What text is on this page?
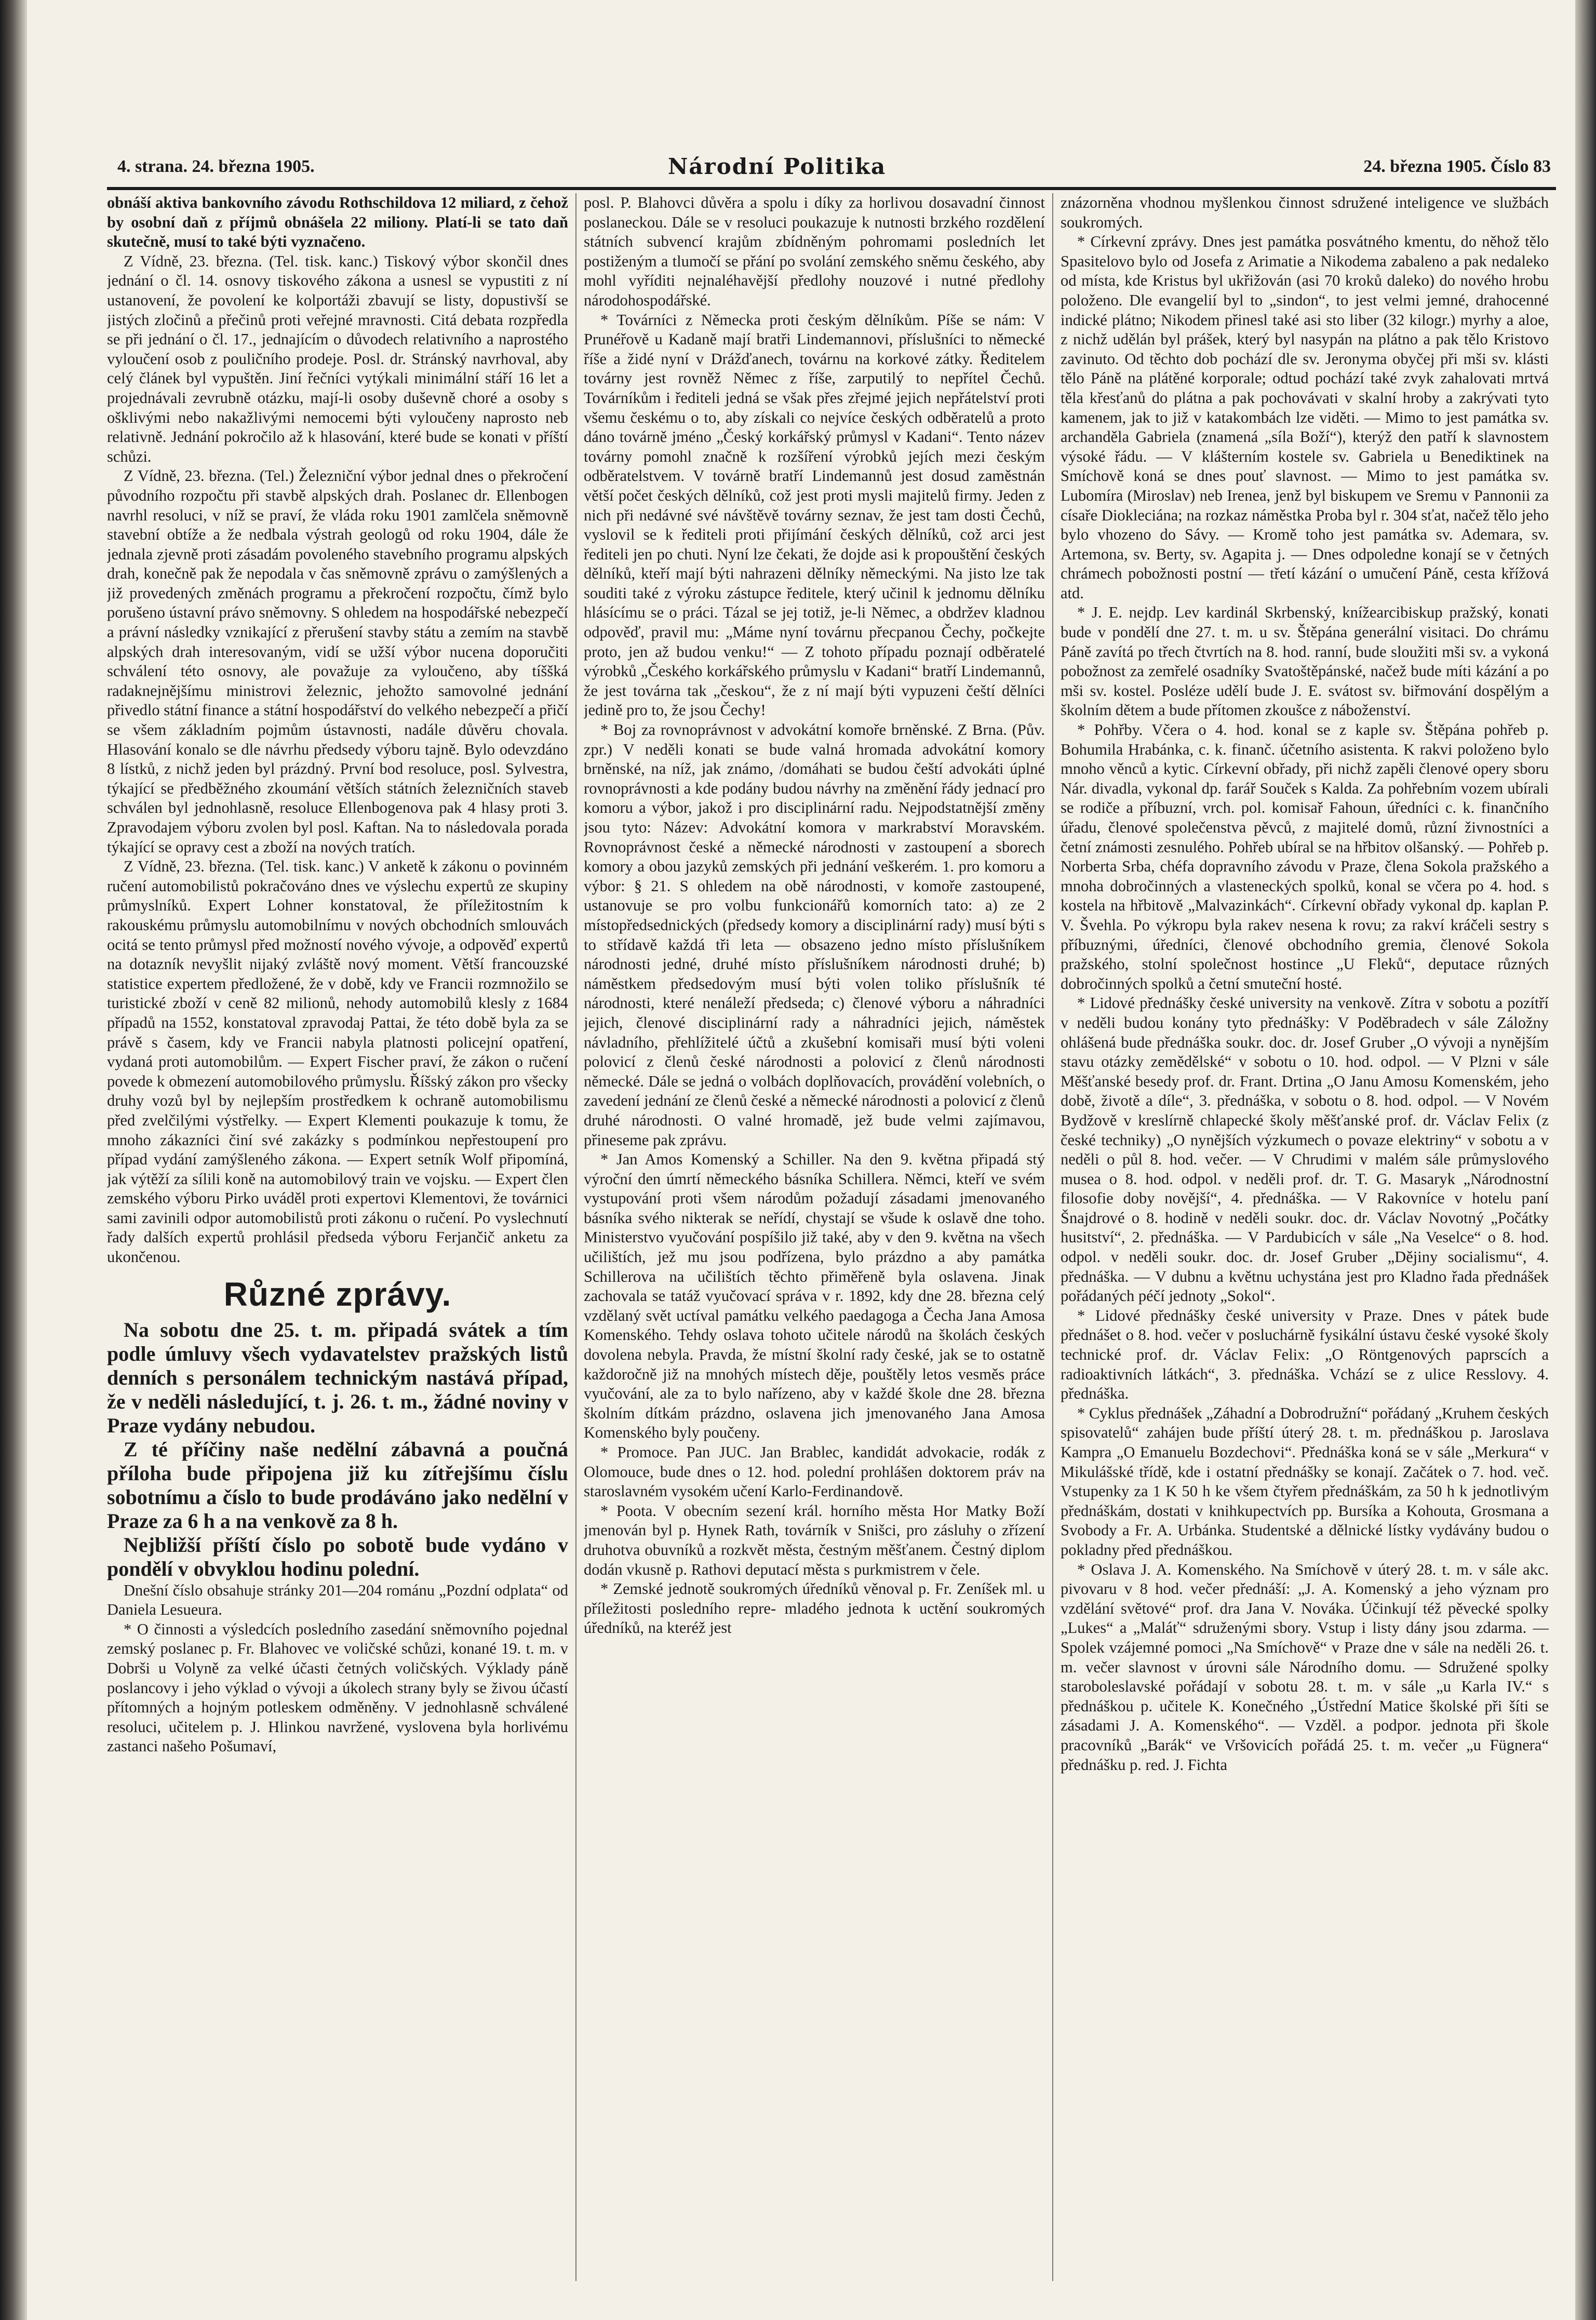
4. strana. 24. března 1905.	Národní Politika	24. března 1905. Číslo 83

obnáší aktiva bankovního závodu Rothschildova 12 miliard, z čehož by osobní daň z příjmů obnášela 22 miliony. Platí-li se tato daň skutečně, musí to také býti vyznačeno.

Z Vídně, 23. března. (Tel. tisk. kanc.) Tiskový výbor skončil dnes jednání o čl. 14. osnovy tiskového zákona a usnesl se vypustiti z ní ustanovení, že povolení ke kolportáži zbavují se listy, dopustivší se jistých zločinů a přečinů proti veřejné mravnosti. Citá debata rozpředla se při jednání o čl. 17., jednajícím o důvodech relativního a naprostého vyloučení osob z pouličního prodeje. Posl. dr. Stránský navrhoval, aby celý článek byl vypuštěn. Jiní řečníci vytýkali minimální stáří 16 let a projednávali zevrubně otázku, mají-li osoby duševně choré a osoby s ošklivými nebo nakažlivými nemocemi býti vyloučeny naprosto neb relativně. Jednání pokročilo až k hlasování, které bude se konati v příští schůzi.

Z Vídně, 23. března. (Tel.) Železniční výbor jednal dnes o překročení původního rozpočtu při stavbě alpských drah. Poslanec dr. Ellenbogen navrhl resoluci, v níž se praví, že vláda roku 1901 zamlčela sněmovně stavební obtíže a že nedbala výstrah geologů od roku 1904, dále že jednala zjevně proti zásadám povoleného stavebního programu alpských drah, konečně pak že nepodala v čas sněmovně zprávu o zamýšlených a již provedených změnách programu a překročení rozpočtu, čímž bylo porušeno ústavní právo sněmovny. S ohledem na hospodářské nebezpečí a právní následky vznikající z přerušení stavby státu a zemím na stavbě alpských drah interesovaným, vidí se užší výbor nucena doporučiti schválení této osnovy, ale považuje za vyloučeno, aby tíššká radaknejnějšímu ministrovi železnic, jehožto samovolné jednání přivedlo státní finance a státní hospodářství do velkého nebezpečí a přičí se všem základním pojmům ústavnosti, nadále důvěru chovala. Hlasování konalo se dle návrhu předsedy výboru tajně. Bylo odevzdáno 8 lístků, z nichž jeden byl prázdný. První bod resoluce, posl. Sylvestra, týkající se předběžného zkoumání větších státních železničních staveb schválen byl jednohlasně, resoluce Ellenbogenova pak 4 hlasy proti 3. Zpravodajem výboru zvolen byl posl. Kaftan. Na to následovala porada týkající se opravy cest a zboží na nových tratích.

Z Vídně, 23. března. (Tel. tisk. kanc.) V anketě k zákonu o povinném ručení automobilistů pokračováno dnes ve výslechu expertů ze skupiny průmyslníků. Expert Lohner konstatoval, že příležitostním k rakouskému průmyslu automobilnímu v nových obchodních smlouvách ocitá se tento průmysl před možností nového vývoje, a odpověď expertů na dotazník nevyšlit nijaký zvláště nový moment. Větší francouzské statistice expertem předložené, že v době, kdy ve Francii rozmnožilo se turistické zboží v ceně 82 milionů, nehody automobilů klesly z 1684 případů na 1552, konstatoval zpravodaj Pattai, že této době byla za se právě s časem, kdy ve Francii nabyla platnosti policejní opatření, vydaná proti automobilům. — Expert Fischer praví, že zákon o ručení povede k obmezení automobilového průmyslu. Říšský zákon pro všecky druhy vozů byl by nejlepším prostředkem k ochraně automobilismu před zvelčilými výstřelky. — Expert Klementi poukazuje k tomu, že mnoho zákazníci činí své zakázky s podmínkou nepřestoupení pro případ vydání zamýšleného zákona. — Expert setník Wolf připomíná, jak výtěží za sílili koně na automobilový train ve vojsku. — Expert člen zemského výboru Pirko uváděl proti expertovi Klementovi, že továrnici sami zavinili odpor automobilistů proti zákonu o ručení. Po vyslechnutí řady dalších expertů prohlásil předseda výboru Ferjančič anketu za ukončenou.

Různé zprávy.

Na sobotu dne 25. t. m. připadá svátek a tím podle úmluvy všech vydavatelstev pražských listů denních s personálem technickým nastává případ, že v neděli následující, t. j. 26. t. m., žádné noviny v Praze vydány nebudou.

Z té příčiny naše nedělní zábavná a poučná příloha bude připojena již ku zítřejšímu číslu sobotnímu a číslo to bude prodáváno jako nedělní v Praze za 6 h a na venkově za 8 h.

Nejbližší příští číslo po sobotě bude vydáno v pondělí v obvyklou hodinu polední.

Dnešní číslo obsahuje stránky 201—204 románu „Pozdní odplata“ od Daniela Lesueura.

* O činnosti a výsledcích posledního zasedání sněmovního pojednal zemský poslanec p. Fr. Blahovec ve voličské schůzi, konané 19. t. m. v Dobrši u Volyně za velké účasti četných voličských. Výklady páně poslancovy i jeho výklad o vývoji a úkolech strany byly se živou účastí přítomných a hojným potleskem odměněny. V jednohlasně schválené resoluci, učitelem p. J. Hlinkou navržené, vyslovena byla horlivému zastanci našeho Pošumaví,

posl. P. Blahovci důvěra a spolu i díky za horlivou dosavadní činnost poslaneckou. Dále se v resoluci poukazuje k nutnosti brzkého rozdělení státních subvencí krajům zbídněným pohromami posledních let postiženým a tlumočí se přání po svolání zemského sněmu českého, aby mohl vyříditi nejnaléhavější předlohy nouzové i nutné předlohy národohospodářské.

* Továrníci z Německa proti českým dělníkům. Píše se nám: V Prunéřově u Kadaně mají bratři Lindemannovi, příslušníci to německé říše a židé nyní v Drážďanech, továrnu na korkové zátky. Ředitelem továrny jest rovněž Němec z říše, zarputilý to nepřítel Čechů. Továrníkům i řediteli jedná se však přes zřejmé jejich nepřátelství proti všemu českému o to, aby získali co nejvíce českých odběratelů a proto dáno továrně jméno „Český korkářský průmysl v Kadani“. Tento název továrny pomohl značně k rozšíření výrobků jejích mezi českým odběratelstvem. V továrně bratří Lindemannů jest dosud zaměstnán větší počet českých dělníků, což jest proti mysli majitelů firmy. Jeden z nich při nedávné své návštěvě továrny seznav, že jest tam dosti Čechů, vyslovil se k řediteli proti přijímání českých dělníků, což arci jest řediteli jen po chuti. Nyní lze čekati, že dojde asi k propouštění českých dělníků, kteří mají býti nahrazeni dělníky německými. Na jisto lze tak souditi také z výroku zástupce ředitele, který učinil k jednomu dělníku hlásícímu se o práci. Tázal se jej totiž, je-li Němec, a obdržev kladnou odpověď, pravil mu: „Máme nyní továrnu přecpanou Čechy, počkejte proto, jen až budou venku!“ — Z tohoto případu poznají odběratelé výrobků „Českého korkářského průmyslu v Kadani“ bratří Lindemannů, že jest továrna tak „českou“, že z ní mají býti vypuzeni čeští dělníci jedině pro to, že jsou Čechy!

* Boj za rovnoprávnost v advokátní komoře brněnské. Z Brna. (Pův. zpr.) V neděli konati se bude valná hromada advokátní komory brněnské, na níž, jak známo, /domáhati se budou čeští advokáti úplné rovnoprávnosti a kde podány budou návrhy na změnění řády jednací pro komoru a výbor, jakož i pro disciplinární radu. Nejpodstatnější změny jsou tyto: Název: Advokátní komora v markrabství Moravském. Rovnoprávnost české a německé národnosti v zastoupení a sborech komory a obou jazyků zemských při jednání veškerém. 1. pro komoru a výbor: § 21. S ohledem na obě národnosti, v komoře zastoupené, ustanovuje se pro volbu funkcionářů komorních tato: a) ze 2 místopředsednických (předsedy komory a disciplinární rady) musí býti s to střídavě každá tři leta — obsazeno jedno místo příslušníkem národnosti jedné, druhé místo příslušníkem národnosti druhé; b) náměstkem předsedovým musí býti volen toliko příslušník té národnosti, které nenáleží předseda; c) členové výboru a náhradníci jejich, členové disciplinární rady a náhradníci jejich, náměstek návladního, přehlížitelé účtů a zkušební komisaři musí býti voleni polovicí z členů české národnosti a polovicí z členů národnosti německé. Dále se jedná o volbách doplňovacích, provádění volebních, o zavedení jednání ze členů české a německé národnosti a polovicí z členů druhé národnosti. O valné hromadě, jež bude velmi zajímavou, přineseme pak zprávu.

* Jan Amos Komenský a Schiller. Na den 9. května připadá stý výroční den úmrtí německého básníka Schillera. Němci, kteří ve svém vystupování proti všem národům požadují zásadami jmenovaného básníka svého nikterak se neřídí, chystají se všude k oslavě dne toho. Ministerstvo vyučování pospíšilo již také, aby v den 9. května na všech učilištích, jež mu jsou podřízena, bylo prázdno a aby památka Schillerova na učilištích těchto přiměřeně byla oslavena. Jinak zachovala se tatáž vyučovací správa v r. 1892, kdy dne 28. března celý vzdělaný svět uctíval památku velkého paedagoga a Čecha Jana Amosa Komenského. Tehdy oslava tohoto učitele národů na školách českých dovolena nebyla. Pravda, že místní školní rady české, jak se to ostatně každoročně již na mnohých místech děje, pouštěly letos vesměs práce vyučování, ale za to bylo nařízeno, aby v každé škole dne 28. března školním dítkám prázdno, oslavena jich jmenovaného Jana Amosa Komenského byly poučeny.

* Promoce. Pan JUC. Jan Brablec, kandidát advokacie, rodák z Olomouce, bude dnes o 12. hod. polední prohlášen doktorem práv na staroslavném vysokém učení Karlo-Ferdinandově.

* Poota. V obecním sezení král. horního města Hor Matky Boží jmenován byl p. Hynek Rath, továrník v Snišci, pro zásluhy o zřízení druhotva obuvníků a rozkvět města, čestným měšťanem. Čestný diplom dodán vkusně p. Rathovi deputací města s purkmistrem v čele.

* Zemské jednotě soukromých úředníků věnoval p. Fr. Zeníšek ml. u příležitosti posledního repre- mladého jednota k uctění soukromých úředníků, na kteréž jest

znázorněna vhodnou myšlenkou činnost sdružené inteligence ve službách soukromých.

* Církevní zprávy. Dnes jest památka posvátného kmentu, do něhož tělo Spasitelovo bylo od Josefa z Arimatie a Nikodema zabaleno a pak nedaleko od místa, kde Kristus byl ukřižován (asi 70 kroků daleko) do nového hrobu položeno. Dle evangelií byl to „sindon“, to jest velmi jemné, drahocenné indické plátno; Nikodem přinesl také asi sto liber (32 kilogr.) myrhy a aloe, z nichž udělán byl prášek, který byl nasypán na plátno a pak tělo Kristovo zavinuto. Od těchto dob pochází dle sv. Jeronyma obyčej při mši sv. klásti tělo Páně na plátěné korporale; odtud pochází také zvyk zahalovati mrtvá těla křesťanů do plátna a pak pochovávati v skalní hroby a zakrývati tyto kamenem, jak to již v katakombách lze viděti. — Mimo to jest památka sv. archanděla Gabriela (znamená „síla Boží“), kterýž den patří k slavnostem výsoké řádu. — V klášterním kostele sv. Gabriela u Benediktinek na Smíchově koná se dnes pouť slavnost. — Mimo to jest památka sv. Lubomíra (Miroslav) neb Irenea, jenž byl biskupem ve Sremu v Pannonii za císaře Diokleciána; na rozkaz náměstka Proba byl r. 304 sťat, načež tělo jeho bylo vhozeno do Sávy. — Kromě toho jest památka sv. Ademara, sv. Artemona, sv. Berty, sv. Agapita j. — Dnes odpoledne konají se v četných chrámech pobožnosti postní — třetí kázání o umučení Páně, cesta křížová atd.

* J. E. nejdp. Lev kardinál Skrbenský, knížearcibiskup pražský, konati bude v pondělí dne 27. t. m. u sv. Štěpána generální visitaci. Do chrámu Páně zavítá po třech čtvrtích na 8. hod. ranní, bude sloužiti mši sv. a vykoná pobožnost za zemřelé osadníky Svatoštěpánské, načež bude míti kázání a po mši sv. kostel. Posléze udělí bude J. E. svátost sv. biřmování dospělým a školním dětem a bude přítomen zkoušce z náboženství.

* Pohřby. Včera o 4. hod. konal se z kaple sv. Štěpána pohřeb p. Bohumila Hrabánka, c. k. finanč. účetního asistenta. K rakvi položeno bylo mnoho věnců a kytic. Církevní obřady, při nichž zapěli členové opery sboru Nár. divadla, vykonal dp. farář Souček s Kalda. Za pohřebním vozem ubírali se rodiče a příbuzní, vrch. pol. komisař Fahoun, úředníci c. k. finančního úřadu, členové společenstva pěvců, z majitelé domů, různí živnostníci a četní známosti zesnulého. Pohřeb ubíral se na hřbitov olšanský. — Pohřeb p. Norberta Srba, chéfa dopravního závodu v Praze, člena Sokola pražského a mnoha dobročinných a vlasteneckých spolků, konal se včera po 4. hod. s kostela na hřbitově „Malvazinkách“. Církevní obřady vykonal dp. kaplan P. V. Švehla. Po výkropu byla rakev nesena k rovu; za rakví kráčeli sestry s příbuznými, úředníci, členové obchodního gremia, členové Sokola pražského, stolní společnost hostince „U Fleků“, deputace různých dobročinných spolků a četní smuteční hosté.

* Lidové přednášky české university na venkově. Zítra v sobotu a pozítří v neděli budou konány tyto přednášky: V Poděbradech v sále Záložny ohlášená bude přednáška soukr. doc. dr. Josef Gruber „O vývoji a nynějším stavu otázky zemědělské“ v sobotu o 10. hod. odpol. — V Plzni v sále Měšťanské besedy prof. dr. Frant. Drtina „O Janu Amosu Komenském, jeho době, životě a díle“, 3. přednáška, v sobotu o 8. hod. odpol. — V Novém Bydžově v kreslírně chlapecké školy měšťanské prof. dr. Václav Felix (z české techniky) „O nynějších výzkumech o povaze elektriny“ v sobotu a v neděli o půl 8. hod. večer. — V Chrudimi v malém sále průmyslového musea o 8. hod. odpol. v neděli prof. dr. T. G. Masaryk „Národnostní filosofie doby novější“, 4. přednáška. — V Rakovníce v hotelu paní Šnajdrové o 8. hodině v neděli soukr. doc. dr. Václav Novotný „Počátky husitství“, 2. přednáška. — V Pardubicích v sále „Na Veselce“ o 8. hod. odpol. v neděli soukr. doc. dr. Josef Gruber „Dějiny socialismu“, 4. přednáška. — V dubnu a květnu uchystána jest pro Kladno řada přednášek pořádaných péčí jednoty „Sokol“.

* Lidové přednášky české university v Praze. Dnes v pátek bude přednášet o 8. hod. večer v posluchárně fysikální ústavu české vysoké školy technické prof. dr. Václav Felix: „O Röntgenových paprscích a radioaktivních látkách“, 3. přednáška. Vchází se z ulice Resslovy. 4. přednáška.

* Cyklus přednášek „Záhadní a Dobrodružní“ pořádaný „Kruhem českých spisovatelů“ zahájen bude příští úterý 28. t. m. přednáškou p. Jaroslava Kampra „O Emanuelu Bozdechovi“. Přednáška koná se v sále „Merkura“ v Mikulášské třídě, kde i ostatní přednášky se konají. Začátek o 7. hod. več. Vstupenky za 1 K 50 h ke všem čtyřem přednáškám, za 50 h k jednotlivým přednáškám, dostati v knihkupectvích pp. Bursíka a Kohouta, Grosmana a Svobody a Fr. A. Urbánka. Studentské a dělnické lístky vydávány budou o pokladny před přednáškou.

* Oslava J. A. Komenského. Na Smíchově v úterý 28. t. m. v sále akc. pivovaru v 8 hod. večer přednáší: „J. A. Komenský a jeho význam pro vzdělání světové“ prof. dra Jana V. Nováka. Účinkují též pěvecké spolky „Lukes“ a „Maláť“ sdruženými sbory. Vstup i listy dány jsou zdarma. — Spolek vzájemné pomoci „Na Smíchově“ v Praze dne v sále na neděli 26. t. m. večer slavnost v úrovni sále Národního domu. — Sdružené spolky staroboleslavské pořádají v sobotu 28. t. m. v sále „u Karla IV.“ s přednáškou p. učitele K. Konečného „Ústřední Matice školské při šíti se zásadami J. A. Komenského“. — Vzděl. a podpor. jednota při škole pracovníků „Barák“ ve Vršovicích pořádá 25. t. m. večer „u Fügnera“ přednášku p. red. J. Fichta
